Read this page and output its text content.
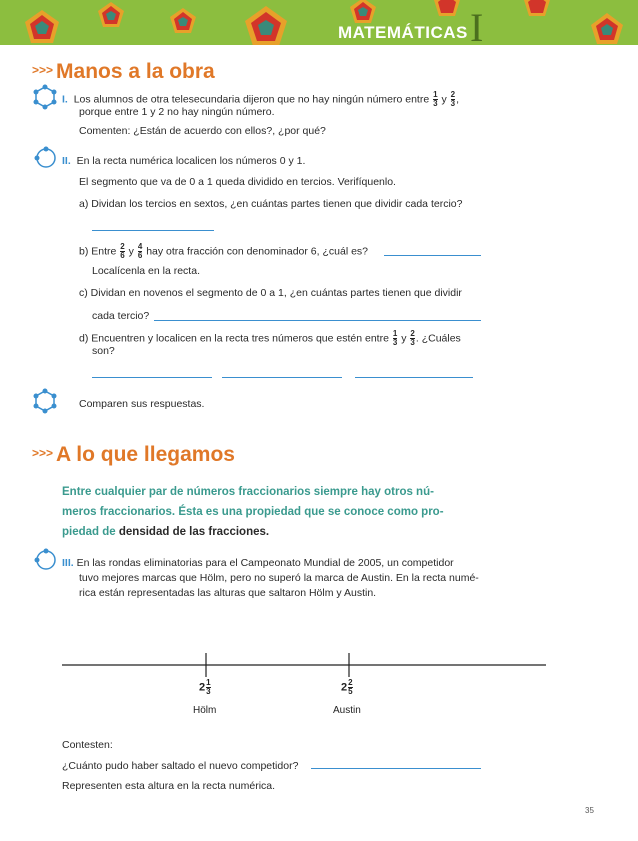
MATEMÁTICAS I
>>> Manos a la obra
I. Los alumnos de otra telesecundaria dijeron que no hay ningún número entre $\frac{1}{3}$ y $\frac{2}{3}$ ,
porque entre 1 y 2 no hay ningún número.
Comenten: ¿Están de acuerdo con ellos?, ¿por qué?
II. En la recta numérica localicen los números 0 y 1.
El segmento que va de 0 a 1 queda dividido en tercios. Verifíquenlo.
a) Dividan los tercios en sextos, ¿en cuántas partes tienen que dividir cada tercio?
b) Entre $\frac{2}{6}$ y $\frac{4}{6}$ hay otra fracción con denominador 6, ¿cuál es?
Localícenla en la recta.
c) Dividan en novenos el segmento de 0 a 1, ¿en cuántas partes tienen que dividir
cada tercio?
d) Encuentren y localicen en la recta tres números que estén entre $\frac{1}{3}$ y $\frac{2}{3}$ . ¿Cuáles
son?
Comparen sus respuestas.
>>> A lo que llegamos
Entre cualquier par de números fraccionarios siempre hay otros nú-
meros fraccionarios. Ésta es una propiedad que se conoce como pro-
piedad de densidad de las fracciones.
III. En las rondas eliminatorias para el Campeonato Mundial de 2005, un competidor
tuvo mejores marcas que Hölm, pero no superó la marca de Austin. En la recta numé-
rica están representadas las alturas que saltaron Hölm y Austin.
$2 \frac{1}{3}$
Hölm
$2 \frac{2}{5}$
Austin
Contesten:
¿Cuánto pudo haber saltado el nuevo competidor?
Representen esta altura en la recta numérica.
35
